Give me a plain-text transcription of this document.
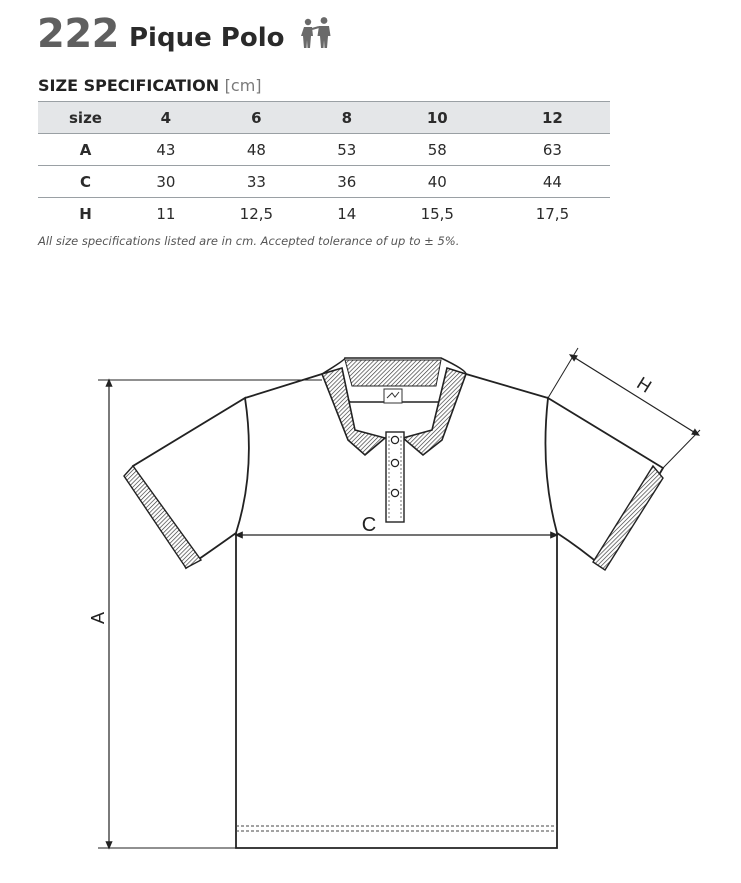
222 Pique Polo
SIZE SPECIFICATION [cm]
size	4	6	8	10	12
A	43	48	53	58	63
C	30	33	36	40	44
H	11	12,5	14	15,5	17,5
All size specifications listed are in cm. Accepted tolerance of up to ± 5%.
A
C
H
